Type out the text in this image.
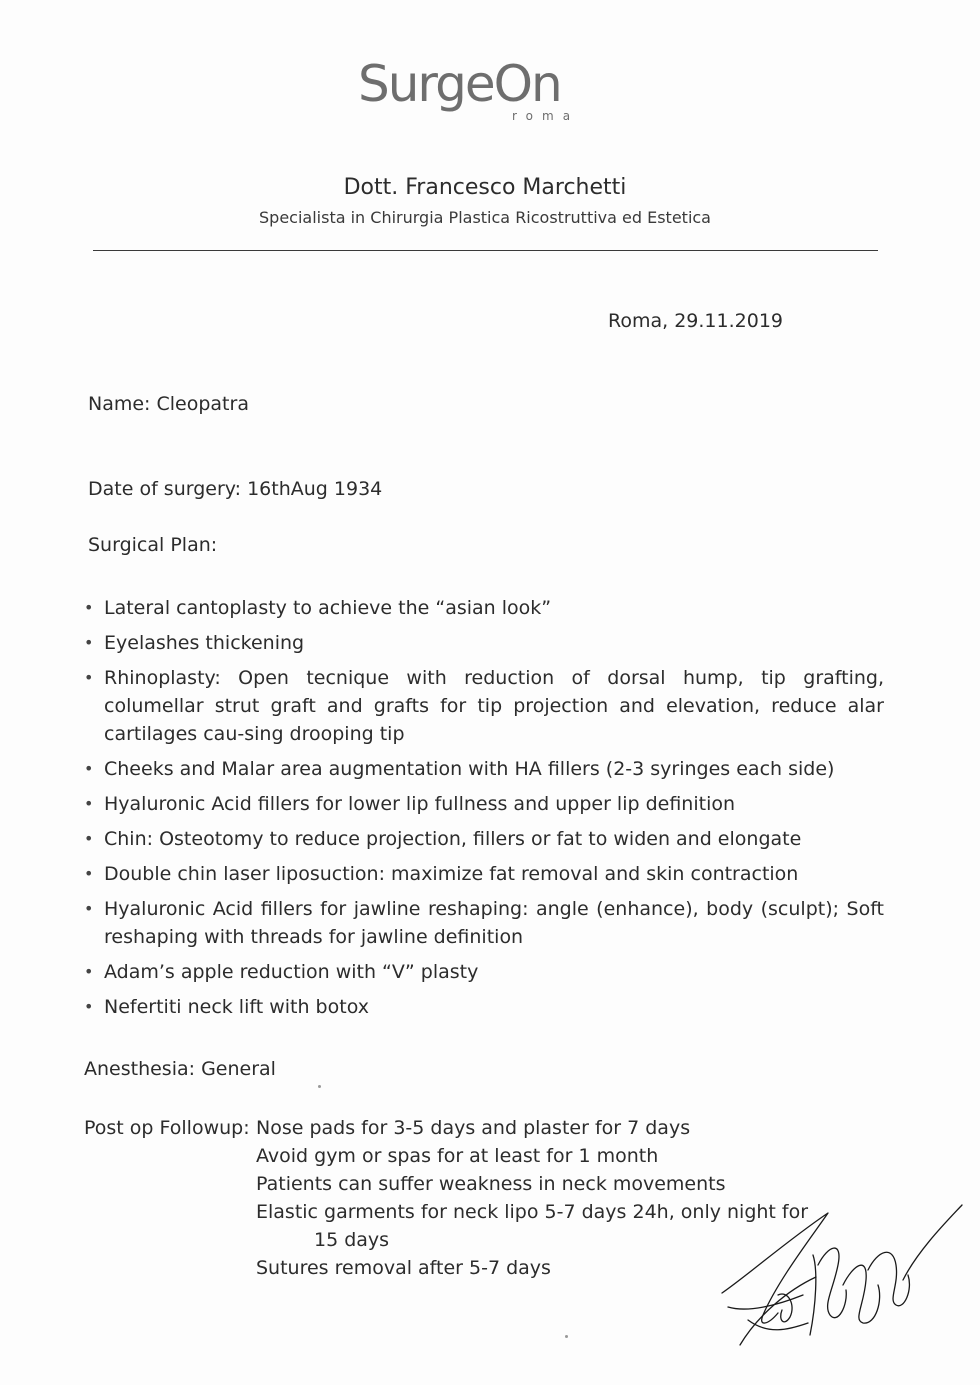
SurgeOn
roma
Dott. Francesco Marchetti
Specialista in Chirurgia Plastica Ricostruttiva ed Estetica
Roma, 29.11.2019
Name: Cleopatra
Date of surgery: 16thAug 1934
Surgical Plan:
• Lateral cantoplasty to achieve the “asian look”
• Eyelashes thickening
• Rhinoplasty: Open tecnique with reduction of dorsal hump, tip grafting, columellar strut graft and grafts for tip projection and elevation, reduce alar cartilages cau-sing drooping tip
• Cheeks and Malar area augmentation with HA fillers (2-3 syringes each side)
• Hyaluronic Acid fillers for lower lip fullness and upper lip definition
• Chin: Osteotomy to reduce projection, fillers or fat to widen and elongate
• Double chin laser liposuction: maximize fat removal and skin contraction
• Hyaluronic Acid fillers for jawline reshaping: angle (enhance), body (sculpt); Soft reshaping with threads for jawline definition
• Adam’s apple reduction with “V” plasty
• Nefertiti neck lift with botox
Anesthesia: General
Post op Followup: Nose pads for 3-5 days and plaster for 7 days
Avoid gym or spas for at least for 1 month
Patients can suffer weakness in neck movements
Elastic garments for neck lipo 5-7 days 24h, only night for
15 days
Sutures removal after 5-7 days
